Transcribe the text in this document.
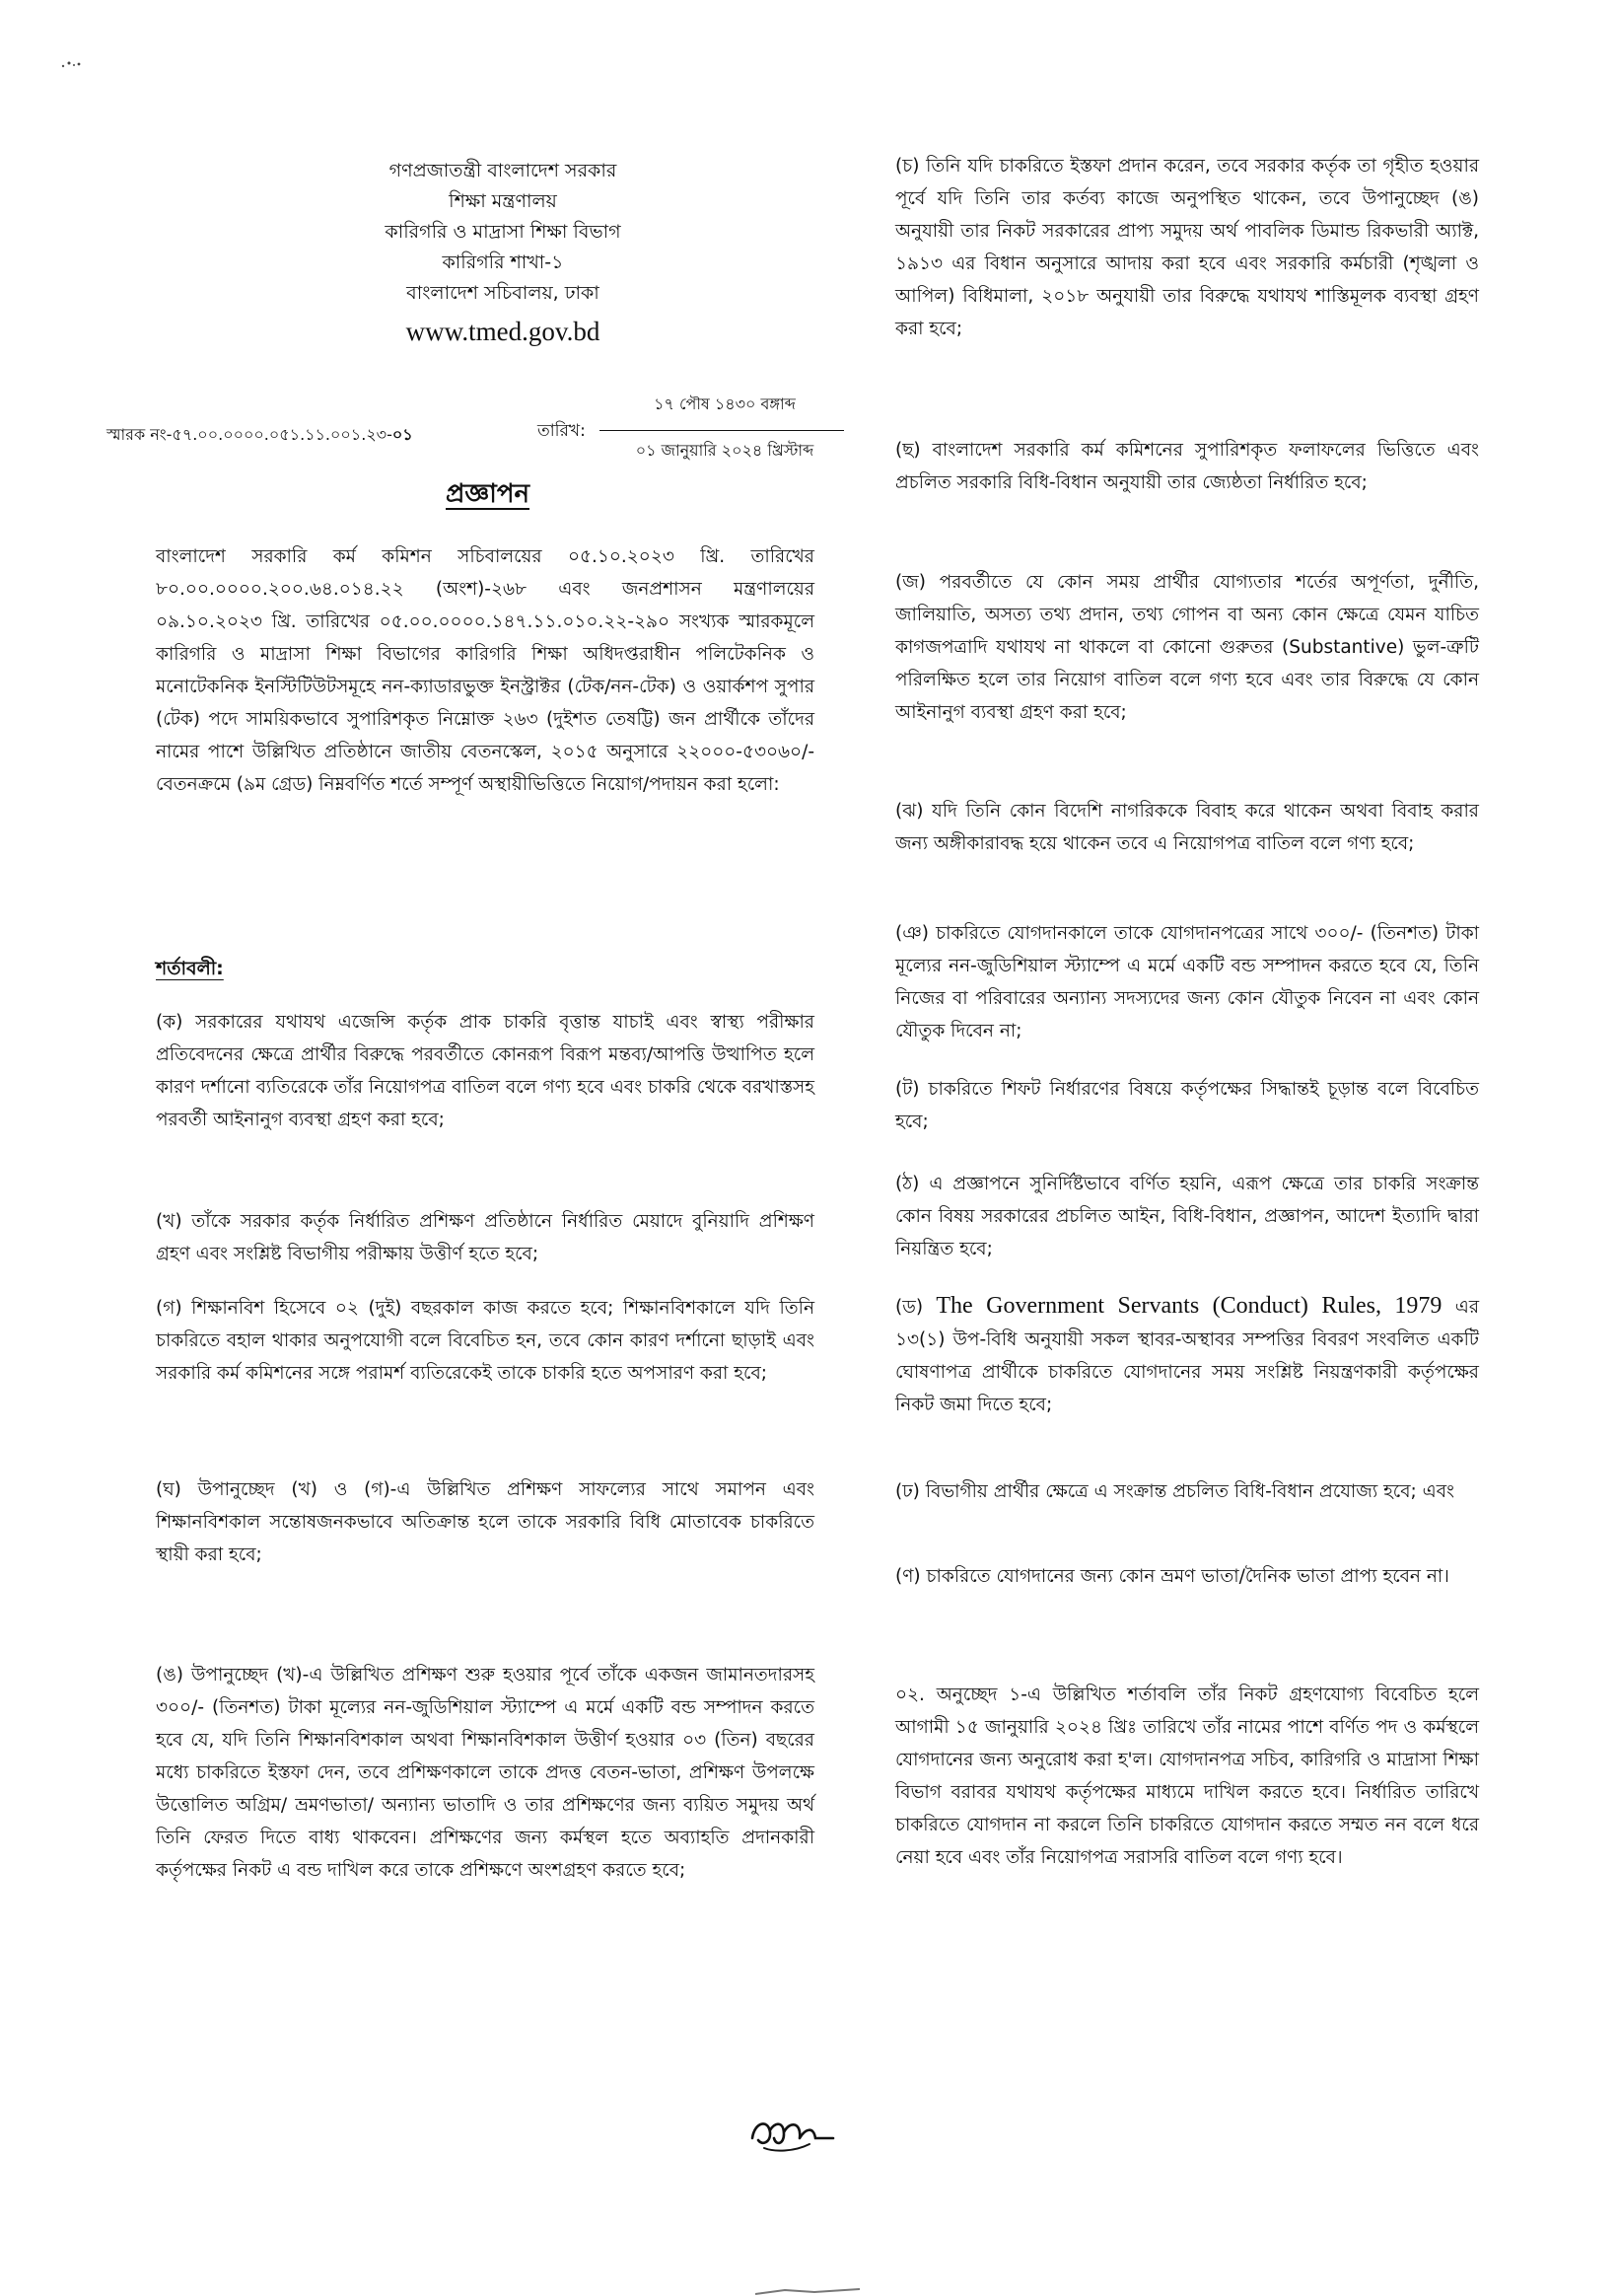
গণপ্রজাতন্ত্রী বাংলাদেশ সরকার
শিক্ষা মন্ত্রণালয়
কারিগরি ও মাদ্রাসা শিক্ষা বিভাগ
কারিগরি শাখা-১
বাংলাদেশ সচিবালয়, ঢাকা
www.tmed.gov.bd
স্মারক নং-৫৭.০০.০০০০.০৫১.১১.০০১.২৩-০১	তারিখ:
১৭ পৌষ ১৪৩০ বঙ্গাব্দ
০১ জানুয়ারি ২০২৪ খ্রিস্টাব্দ
প্রজ্ঞাপন
বাংলাদেশ সরকারি কর্ম কমিশন সচিবালয়ের ০৫.১০.২০২৩ খ্রি. তারিখের ৮০.০০.০০০০.২০০.৬৪.০১৪.২২ (অংশ)-২৬৮ এবং জনপ্রশাসন মন্ত্রণালয়ের ০৯.১০.২০২৩ খ্রি. তারিখের ০৫.০০.০০০০.১৪৭.১১.০১০.২২-২৯০ সংখ্যক স্মারকমূলে কারিগরি ও মাদ্রাসা শিক্ষা বিভাগের কারিগরি শিক্ষা অধিদপ্তরাধীন পলিটেকনিক ও মনোটেকনিক ইনস্টিটিউটসমূহে নন-ক্যাডারভুক্ত ইনস্ট্রাক্টর (টেক/নন-টেক) ও ওয়ার্কশপ সুপার (টেক) পদে সাময়িকভাবে সুপারিশকৃত নিম্নোক্ত ২৬৩ (দুইশত তেষট্টি) জন প্রার্থীকে তাঁদের নামের পাশে উল্লিখিত প্রতিষ্ঠানে জাতীয় বেতনস্কেল, ২০১৫ অনুসারে ২২০০০-৫৩০৬০/- বেতনক্রমে (৯ম গ্রেড) নিম্নবর্ণিত শর্তে সম্পূর্ণ অস্থায়ীভিত্তিতে নিয়োগ/পদায়ন করা হলো:
শর্তাবলী:
(ক) সরকারের যথাযথ এজেন্সি কর্তৃক প্রাক চাকরি বৃত্তান্ত যাচাই এবং স্বাস্থ্য পরীক্ষার প্রতিবেদনের ক্ষেত্রে প্রার্থীর বিরুদ্ধে পরবর্তীতে কোনরূপ বিরূপ মন্তব্য/আপত্তি উত্থাপিত হলে কারণ দর্শানো ব্যতিরেকে তাঁর নিয়োগপত্র বাতিল বলে গণ্য হবে এবং চাকরি থেকে বরখাস্তসহ পরবর্তী আইনানুগ ব্যবস্থা গ্রহণ করা হবে;
(খ) তাঁকে সরকার কর্তৃক নির্ধারিত প্রশিক্ষণ প্রতিষ্ঠানে নির্ধারিত মেয়াদে বুনিয়াদি প্রশিক্ষণ গ্রহণ এবং সংশ্লিষ্ট বিভাগীয় পরীক্ষায় উত্তীর্ণ হতে হবে;
(গ) শিক্ষানবিশ হিসেবে ০২ (দুই) বছরকাল কাজ করতে হবে; শিক্ষানবিশকালে যদি তিনি চাকরিতে বহাল থাকার অনুপযোগী বলে বিবেচিত হন, তবে কোন কারণ দর্শানো ছাড়াই এবং সরকারি কর্ম কমিশনের সঙ্গে পরামর্শ ব্যতিরেকেই তাকে চাকরি হতে অপসারণ করা হবে;
(ঘ) উপানুচ্ছেদ (খ) ও (গ)-এ উল্লিখিত প্রশিক্ষণ সাফল্যের সাথে সমাপন এবং শিক্ষানবিশকাল সন্তোষজনকভাবে অতিক্রান্ত হলে তাকে সরকারি বিধি মোতাবেক চাকরিতে স্থায়ী করা হবে;
(ঙ) উপানুচ্ছেদ (খ)-এ উল্লিখিত প্রশিক্ষণ শুরু হওয়ার পূর্বে তাঁকে একজন জামানতদারসহ ৩০০/- (তিনশত) টাকা মূল্যের নন-জুডিশিয়াল স্ট্যাম্পে এ মর্মে একটি বন্ড সম্পাদন করতে হবে যে, যদি তিনি শিক্ষানবিশকাল অথবা শিক্ষানবিশকাল উত্তীর্ণ হওয়ার ০৩ (তিন) বছরের মধ্যে চাকরিতে ইস্তফা দেন, তবে প্রশিক্ষণকালে তাকে প্রদত্ত বেতন-ভাতা, প্রশিক্ষণ উপলক্ষে উত্তোলিত অগ্রিম/ ভ্রমণভাতা/ অন্যান্য ভাতাদি ও তার প্রশিক্ষণের জন্য ব্যয়িত সমুদয় অর্থ তিনি ফেরত দিতে বাধ্য থাকবেন। প্রশিক্ষণের জন্য কর্মস্থল হতে অব্যাহতি প্রদানকারী কর্তৃপক্ষের নিকট এ বন্ড দাখিল করে তাকে প্রশিক্ষণে অংশগ্রহণ করতে হবে;
(চ) তিনি যদি চাকরিতে ইস্তফা প্রদান করেন, তবে সরকার কর্তৃক তা গৃহীত হওয়ার পূর্বে যদি তিনি তার কর্তব্য কাজে অনুপস্থিত থাকেন, তবে উপানুচ্ছেদ (ঙ) অনুযায়ী তার নিকট সরকারের প্রাপ্য সমুদয় অর্থ পাবলিক ডিমান্ড রিকভারী অ্যাক্ট, ১৯১৩ এর বিধান অনুসারে আদায় করা হবে এবং সরকারি কর্মচারী (শৃঙ্খলা ও আপিল) বিধিমালা, ২০১৮ অনুযায়ী তার বিরুদ্ধে যথাযথ শাস্তিমূলক ব্যবস্থা গ্রহণ করা হবে;
(ছ) বাংলাদেশ সরকারি কর্ম কমিশনের সুপারিশকৃত ফলাফলের ভিত্তিতে এবং প্রচলিত সরকারি বিধি-বিধান অনুযায়ী তার জ্যেষ্ঠতা নির্ধারিত হবে;
(জ) পরবর্তীতে যে কোন সময় প্রার্থীর যোগ্যতার শর্তের অপূর্ণতা, দুর্নীতি, জালিয়াতি, অসত্য তথ্য প্রদান, তথ্য গোপন বা অন্য কোন ক্ষেত্রে যেমন যাচিত কাগজপত্রাদি যথাযথ না থাকলে বা কোনো গুরুতর (Substantive) ভুল-ত্রুটি পরিলক্ষিত হলে তার নিয়োগ বাতিল বলে গণ্য হবে এবং তার বিরুদ্ধে যে কোন আইনানুগ ব্যবস্থা গ্রহণ করা হবে;
(ঝ) যদি তিনি কোন বিদেশি নাগরিককে বিবাহ করে থাকেন অথবা বিবাহ করার জন্য অঙ্গীকারাবদ্ধ হয়ে থাকেন তবে এ নিয়োগপত্র বাতিল বলে গণ্য হবে;
(ঞ) চাকরিতে যোগদানকালে তাকে যোগদানপত্রের সাথে ৩০০/- (তিনশত) টাকা মূল্যের নন-জুডিশিয়াল স্ট্যাম্পে এ মর্মে একটি বন্ড সম্পাদন করতে হবে যে, তিনি নিজের বা পরিবারের অন্যান্য সদস্যদের জন্য কোন যৌতুক নিবেন না এবং কোন যৌতুক দিবেন না;
(ট) চাকরিতে শিফট নির্ধারণের বিষয়ে কর্তৃপক্ষের সিদ্ধান্তই চূড়ান্ত বলে বিবেচিত হবে;
(ঠ) এ প্রজ্ঞাপনে সুনির্দিষ্টভাবে বর্ণিত হয়নি, এরূপ ক্ষেত্রে তার চাকরি সংক্রান্ত কোন বিষয় সরকারের প্রচলিত আইন, বিধি-বিধান, প্রজ্ঞাপন, আদেশ ইত্যাদি দ্বারা নিয়ন্ত্রিত হবে;
(ড) The Government Servants (Conduct) Rules, 1979 এর ১৩(১) উপ-বিধি অনুযায়ী সকল স্থাবর-অস্থাবর সম্পত্তির বিবরণ সংবলিত একটি ঘোষণাপত্র প্রার্থীকে চাকরিতে যোগদানের সময় সংশ্লিষ্ট নিয়ন্ত্রণকারী কর্তৃপক্ষের নিকট জমা দিতে হবে;
(ঢ) বিভাগীয় প্রার্থীর ক্ষেত্রে এ সংক্রান্ত প্রচলিত বিধি-বিধান প্রযোজ্য হবে; এবং
(ণ) চাকরিতে যোগদানের জন্য কোন ভ্রমণ ভাতা/দৈনিক ভাতা প্রাপ্য হবেন না।
০২. অনুচ্ছেদ ১-এ উল্লিখিত শর্তাবলি তাঁর নিকট গ্রহণযোগ্য বিবেচিত হলে আগামী ১৫ জানুয়ারি ২০২৪ খ্রিঃ তারিখে তাঁর নামের পাশে বর্ণিত পদ ও কর্মস্থলে যোগদানের জন্য অনুরোধ করা হ'ল। যোগদানপত্র সচিব, কারিগরি ও মাদ্রাসা শিক্ষা বিভাগ বরাবর যথাযথ কর্তৃপক্ষের মাধ্যমে দাখিল করতে হবে। নির্ধারিত তারিখে চাকরিতে যোগদান না করলে তিনি চাকরিতে যোগদান করতে সম্মত নন বলে ধরে নেয়া হবে এবং তাঁর নিয়োগপত্র সরাসরি বাতিল বলে গণ্য হবে।
